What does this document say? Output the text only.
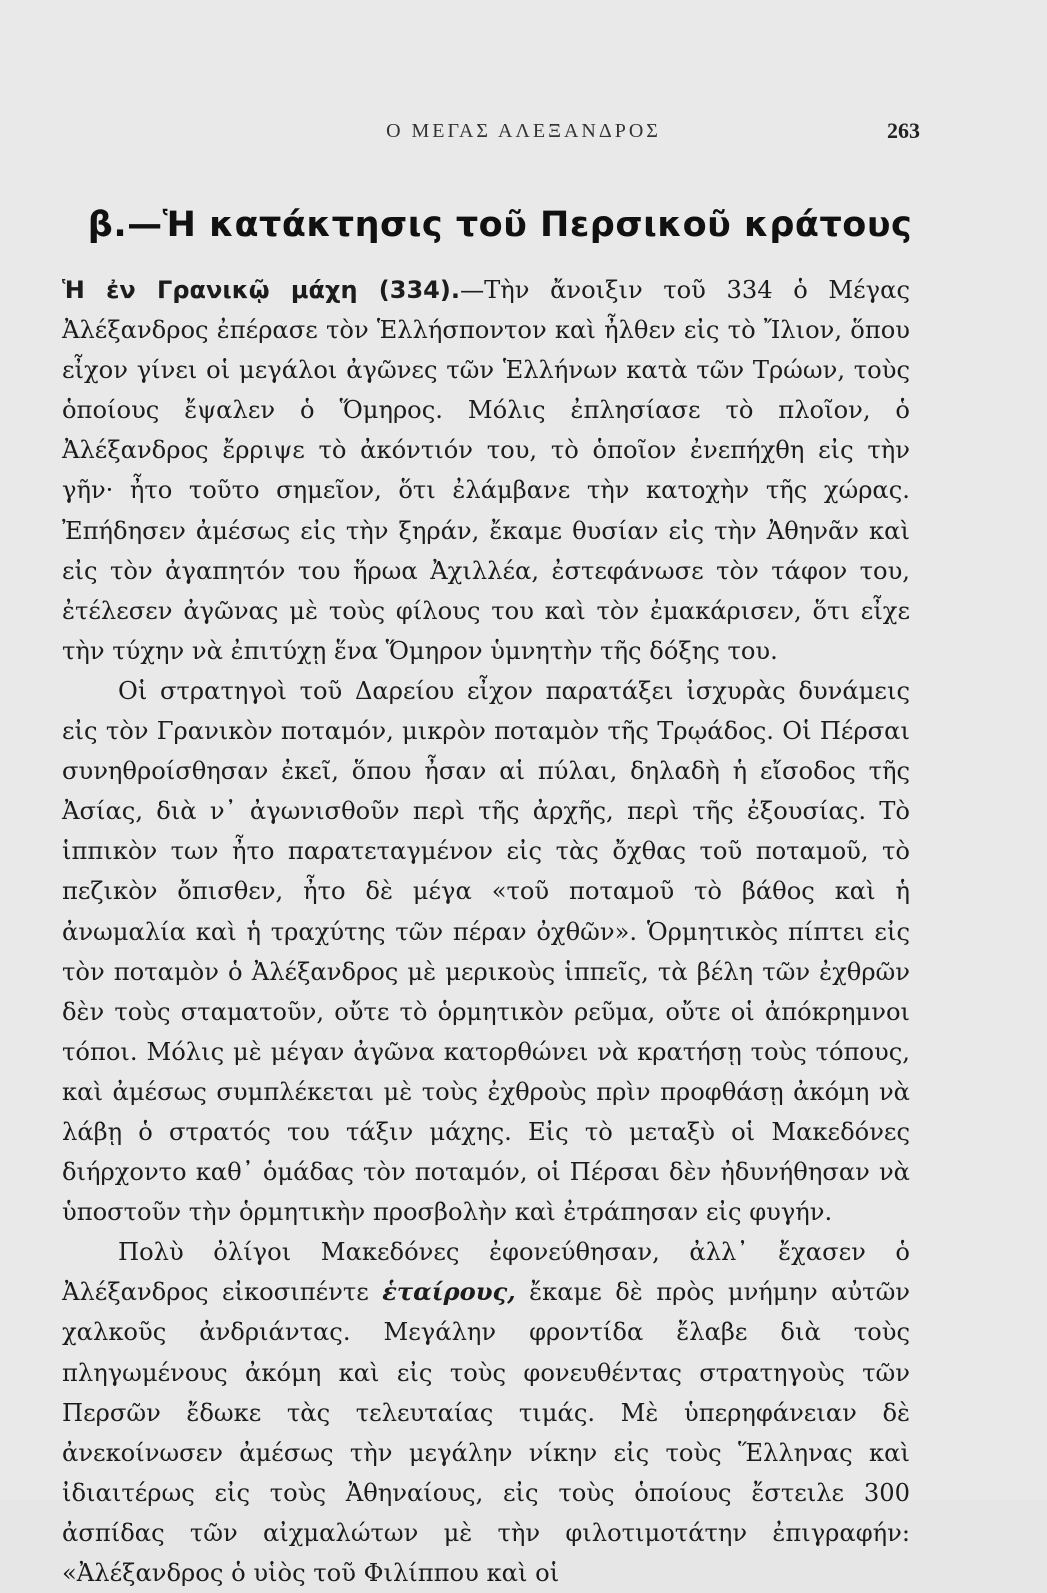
Ο ΜΕΓΑΣ ΑΛΕΞΑΝΔΡΟΣ	263
β.—Ἡ κατάκτησις τοῦ Περσικοῦ κράτους

Ἡ ἐν Γρανικῷ μάχη (334).—Τὴν ἄνοιξιν τοῦ 334 ὁ Μέγας Ἀλέξανδρος ἐπέρασε τὸν Ἑλλήσποντον καὶ ἦλθεν εἰς τὸ Ἴλιον, ὅπου εἶχον γίνει οἱ μεγάλοι ἀγῶνες τῶν Ἑλλήνων κατὰ τῶν Τρώων, τοὺς ὁποίους ἔψαλεν ὁ Ὅμηρος. Μόλις ἐπλησίασε τὸ πλοῖον, ὁ Ἀλέξανδρος ἔρριψε τὸ ἀκόντιόν του, τὸ ὁποῖον ἐνεπήχθη εἰς τὴν γῆν· ἦτο τοῦτο σημεῖον, ὅτι ἐλάμβανε τὴν κατοχὴν τῆς χώρας. Ἐπήδησεν ἀμέσως εἰς τὴν ξηράν, ἔκαμε θυσίαν εἰς τὴν Ἀθηνᾶν καὶ εἰς τὸν ἀγαπητόν του ἥρωα Ἀχιλλέα, ἐστεφάνωσε τὸν τάφον του, ἐτέλεσεν ἀγῶνας μὲ τοὺς φίλους του καὶ τὸν ἐμακάρισεν, ὅτι εἶχε τὴν τύχην νὰ ἐπιτύχῃ ἕνα Ὅμηρον ὑμνητὴν τῆς δόξης του.

Οἱ στρατηγοὶ τοῦ Δαρείου εἶχον παρατάξει ἰσχυρὰς δυνάμεις εἰς τὸν Γρανικὸν ποταμόν, μικρὸν ποταμὸν τῆς Τρῳάδος. Οἱ Πέρσαι συνηθροίσθησαν ἐκεῖ, ὅπου ἦσαν αἱ πύλαι, δηλαδὴ ἡ εἴσοδος τῆς Ἀσίας, διὰ ν᾽ ἀγωνισθοῦν περὶ τῆς ἀρχῆς, περὶ τῆς ἐξουσίας. Τὸ ἱππικὸν των ἦτο παρατεταγμένον εἰς τὰς ὄχθας τοῦ ποταμοῦ, τὸ πεζικὸν ὄπισθεν, ἦτο δὲ μέγα «τοῦ ποταμοῦ τὸ βάθος καὶ ἡ ἀνωμαλία καὶ ἡ τραχύτης τῶν πέραν ὀχθῶν». Ὁρμητικὸς πίπτει εἰς τὸν ποταμὸν ὁ Ἀλέξανδρος μὲ μερικοὺς ἱππεῖς, τὰ βέλη τῶν ἐχθρῶν δὲν τοὺς σταματοῦν, οὔτε τὸ ὁρμητικὸν ρεῦμα, οὔτε οἱ ἀπόκρημνοι τόποι. Μόλις μὲ μέγαν ἀγῶνα κατορθώνει νὰ κρατήσῃ τοὺς τόπους, καὶ ἀμέσως συμπλέκεται μὲ τοὺς ἐχθροὺς πρὶν προφθάσῃ ἀκόμη νὰ λάβῃ ὁ στρατός του τάξιν μάχης. Εἰς τὸ μεταξὺ οἱ Μακεδόνες διήρχοντο καθ᾽ ὁμάδας τὸν ποταμόν, οἱ Πέρσαι δὲν ἠδυνήθησαν νὰ ὑποστοῦν τὴν ὁρμητικὴν προσβολὴν καὶ ἐτράπησαν εἰς φυγήν.

Πολὺ ὀλίγοι Μακεδόνες ἐφονεύθησαν, ἀλλ᾽ ἔχασεν ὁ Ἀλέξανδρος εἰκοσιπέντε ἑταίρους, ἔκαμε δὲ πρὸς μνήμην αὐτῶν χαλκοῦς ἀνδριάντας. Μεγάλην φροντίδα ἔλαβε διὰ τοὺς πληγωμένους ἀκόμη καὶ εἰς τοὺς φονευθέντας στρατηγοὺς τῶν Περσῶν ἔδωκε τὰς τελευταίας τιμάς. Μὲ ὑπερηφάνειαν δὲ ἀνεκοίνωσεν ἀμέσως τὴν μεγάλην νίκην εἰς τοὺς Ἕλληνας καὶ ἰδιαιτέρως εἰς τοὺς Ἀθηναίους, εἰς τοὺς ὁποίους ἔστειλε 300 ἀσπίδας τῶν αἰχμαλώτων μὲ τὴν φιλοτιμοτάτην ἐπιγραφήν: «Ἀλέξανδρος ὁ υἱὸς τοῦ Φιλίππου καὶ οἱ
